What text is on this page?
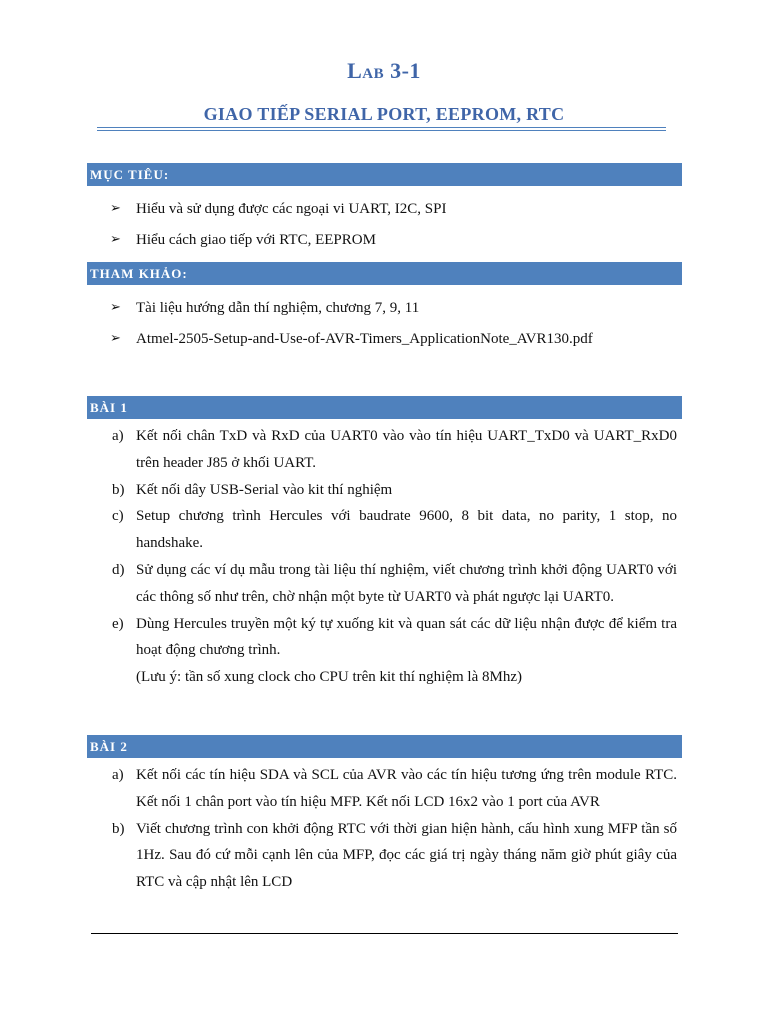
Lab 3-1
GIAO TIẾP SERIAL PORT, EEPROM, RTC
MỤC TIÊU:
➢ Hiểu và sử dụng được các ngoại vi UART, I2C, SPI
➢ Hiểu cách giao tiếp với RTC, EEPROM
THAM KHẢO:
➢ Tài liệu hướng dẫn thí nghiệm, chương 7, 9, 11
➢ Atmel-2505-Setup-and-Use-of-AVR-Timers_ApplicationNote_AVR130.pdf
BÀI 1
a) Kết nối chân TxD và RxD của UART0 vào vào tín hiệu UART_TxD0 và UART_RxD0 trên header J85 ở khối UART.
b) Kết nối dây USB-Serial vào kit thí nghiệm
c) Setup chương trình Hercules với baudrate 9600, 8 bit data, no parity, 1 stop, no handshake.
d) Sử dụng các ví dụ mẫu trong tài liệu thí nghiệm, viết chương trình khởi động UART0 với các thông số như trên, chờ nhận một byte từ UART0 và phát ngược lại UART0.
e) Dùng Hercules truyền một ký tự xuống kit và quan sát các dữ liệu nhận được để kiểm tra hoạt động chương trình.
(Lưu ý: tần số xung clock cho CPU trên kit thí nghiệm là 8Mhz)
BÀI 2
a) Kết nối các tín hiệu SDA và SCL của AVR vào các tín hiệu tương ứng trên module RTC. Kết nối 1 chân port vào tín hiệu MFP. Kết nối LCD 16x2 vào 1 port của AVR
b) Viết chương trình con khởi động RTC với thời gian hiện hành, cấu hình xung MFP tần số 1Hz. Sau đó cứ mỗi cạnh lên của MFP, đọc các giá trị ngày tháng năm giờ phút giây của RTC và cập nhật lên LCD
